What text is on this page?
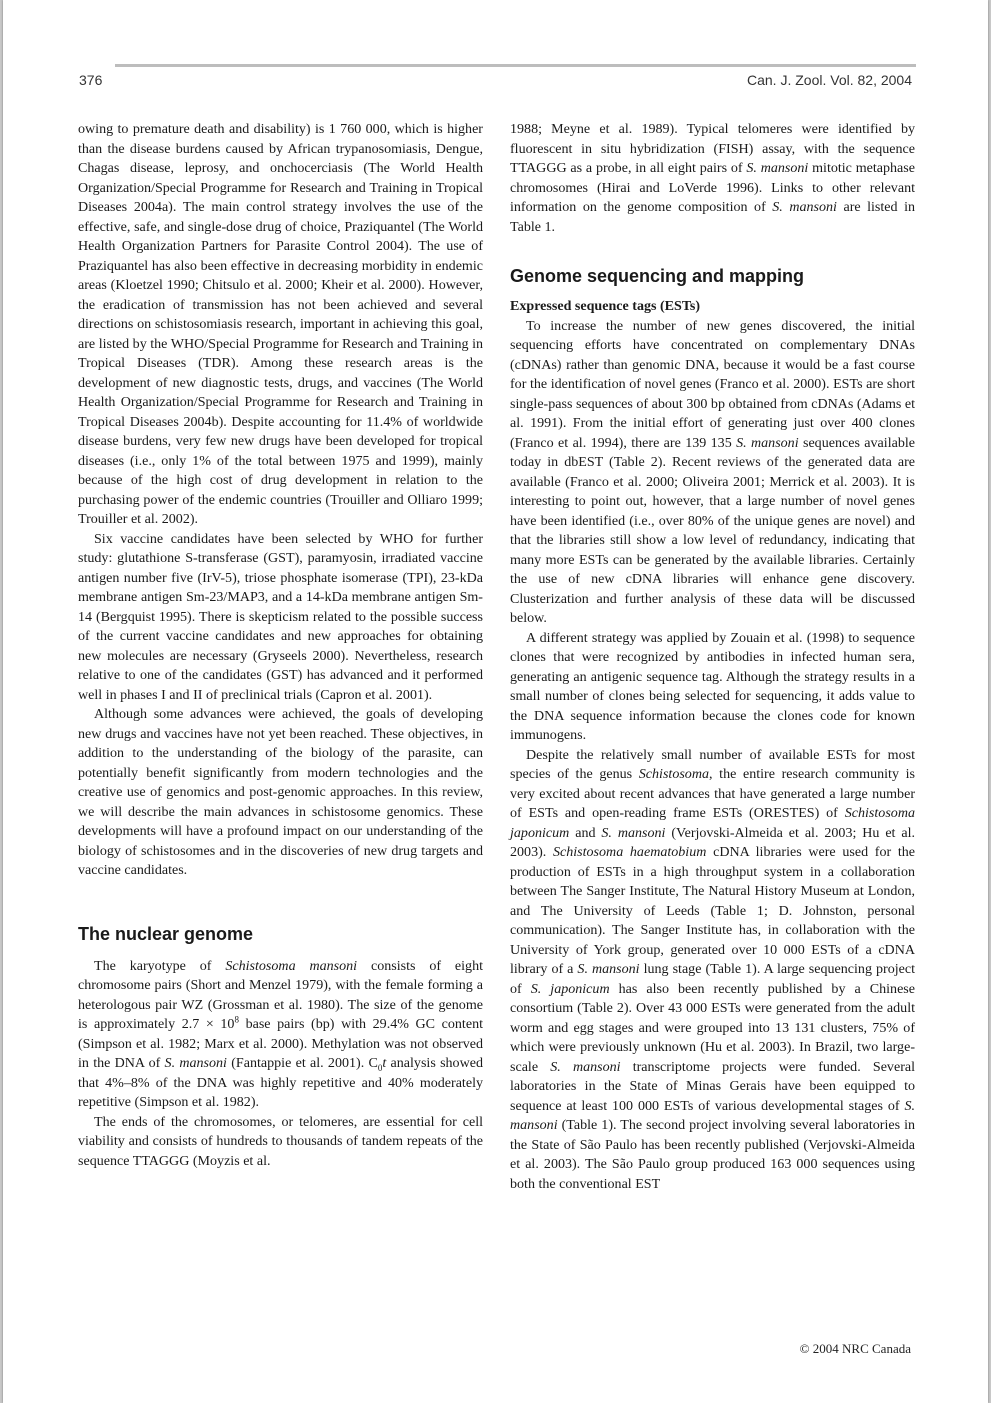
376	Can. J. Zool. Vol. 82, 2004

owing to premature death and disability) is 1 760 000, which is higher than the disease burdens caused by African trypanosomiasis, Dengue, Chagas disease, leprosy, and onchocerciasis (The World Health Organization/Special Programme for Research and Training in Tropical Diseases 2004a). The main control strategy involves the use of the effective, safe, and single-dose drug of choice, Praziquantel (The World Health Organization Partners for Parasite Control 2004). The use of Praziquantel has also been effective in decreasing morbidity in endemic areas (Kloetzel 1990; Chitsulo et al. 2000; Kheir et al. 2000). However, the eradication of transmission has not been achieved and several directions on schistosomiasis research, important in achieving this goal, are listed by the WHO/Special Programme for Research and Training in Tropical Diseases (TDR). Among these research areas is the development of new diagnostic tests, drugs, and vaccines (The World Health Organization/Special Programme for Research and Training in Tropical Diseases 2004b). Despite accounting for 11.4% of worldwide disease burdens, very few new drugs have been developed for tropical diseases (i.e., only 1% of the total between 1975 and 1999), mainly because of the high cost of drug development in relation to the purchasing power of the endemic countries (Trouiller and Olliaro 1999; Trouiller et al. 2002).

Six vaccine candidates have been selected by WHO for further study: glutathione S-transferase (GST), paramyosin, irradiated vaccine antigen number five (IrV-5), triose phosphate isomerase (TPI), 23-kDa membrane antigen Sm-23/MAP3, and a 14-kDa membrane antigen Sm-14 (Bergquist 1995). There is skepticism related to the possible success of the current vaccine candidates and new approaches for obtaining new molecules are necessary (Gryseels 2000). Nevertheless, research relative to one of the candidates (GST) has advanced and it performed well in phases I and II of preclinical trials (Capron et al. 2001).

Although some advances were achieved, the goals of developing new drugs and vaccines have not yet been reached. These objectives, in addition to the understanding of the biology of the parasite, can potentially benefit significantly from modern technologies and the creative use of genomics and post-genomic approaches. In this review, we will describe the main advances in schistosome genomics. These developments will have a profound impact on our understanding of the biology of schistosomes and in the discoveries of new drug targets and vaccine candidates.

The nuclear genome

The karyotype of Schistosoma mansoni consists of eight chromosome pairs (Short and Menzel 1979), with the female forming a heterologous pair WZ (Grossman et al. 1980). The size of the genome is approximately $2.7 \times 10^8$ base pairs (bp) with 29.4% GC content (Simpson et al. 1982; Marx et al. 2000). Methylation was not observed in the DNA of S. mansoni (Fantappie et al. 2001). $C_0t$ analysis showed that 4%–8% of the DNA was highly repetitive and 40% moderately repetitive (Simpson et al. 1982).

The ends of the chromosomes, or telomeres, are essential for cell viability and consists of hundreds to thousands of tandem repeats of the sequence TTAGGG (Moyzis et al.

1988; Meyne et al. 1989). Typical telomeres were identified by fluorescent in situ hybridization (FISH) assay, with the sequence TTAGGG as a probe, in all eight pairs of S. mansoni mitotic metaphase chromosomes (Hirai and LoVerde 1996). Links to other relevant information on the genome composition of S. mansoni are listed in Table 1.

Genome sequencing and mapping
Expressed sequence tags (ESTs)

To increase the number of new genes discovered, the initial sequencing efforts have concentrated on complementary DNAs (cDNAs) rather than genomic DNA, because it would be a fast course for the identification of novel genes (Franco et al. 2000). ESTs are short single-pass sequences of about 300 bp obtained from cDNAs (Adams et al. 1991). From the initial effort of generating just over 400 clones (Franco et al. 1994), there are 139 135 S. mansoni sequences available today in dbEST (Table 2). Recent reviews of the generated data are available (Franco et al. 2000; Oliveira 2001; Merrick et al. 2003). It is interesting to point out, however, that a large number of novel genes have been identified (i.e., over 80% of the unique genes are novel) and that the libraries still show a low level of redundancy, indicating that many more ESTs can be generated by the available libraries. Certainly the use of new cDNA libraries will enhance gene discovery. Clusterization and further analysis of these data will be discussed below.

A different strategy was applied by Zouain et al. (1998) to sequence clones that were recognized by antibodies in infected human sera, generating an antigenic sequence tag. Although the strategy results in a small number of clones being selected for sequencing, it adds value to the DNA sequence information because the clones code for known immunogens.

Despite the relatively small number of available ESTs for most species of the genus Schistosoma, the entire research community is very excited about recent advances that have generated a large number of ESTs and open-reading frame ESTs (ORESTES) of Schistosoma japonicum and S. mansoni (Verjovski-Almeida et al. 2003; Hu et al. 2003). Schistosoma haematobium cDNA libraries were used for the production of ESTs in a high throughput system in a collaboration between The Sanger Institute, The Natural History Museum at London, and The University of Leeds (Table 1; D. Johnston, personal communication). The Sanger Institute has, in collaboration with the University of York group, generated over 10 000 ESTs of a cDNA library of a S. mansoni lung stage (Table 1). A large sequencing project of S. japonicum has also been recently published by a Chinese consortium (Table 2). Over 43 000 ESTs were generated from the adult worm and egg stages and were grouped into 13 131 clusters, 75% of which were previously unknown (Hu et al. 2003). In Brazil, two large-scale S. mansoni transcriptome projects were funded. Several laboratories in the State of Minas Gerais have been equipped to sequence at least 100 000 ESTs of various developmental stages of S. mansoni (Table 1). The second project involving several laboratories in the State of São Paulo has been recently published (Verjovski-Almeida et al. 2003). The São Paulo group produced 163 000 sequences using both the conventional EST

© 2004 NRC Canada
